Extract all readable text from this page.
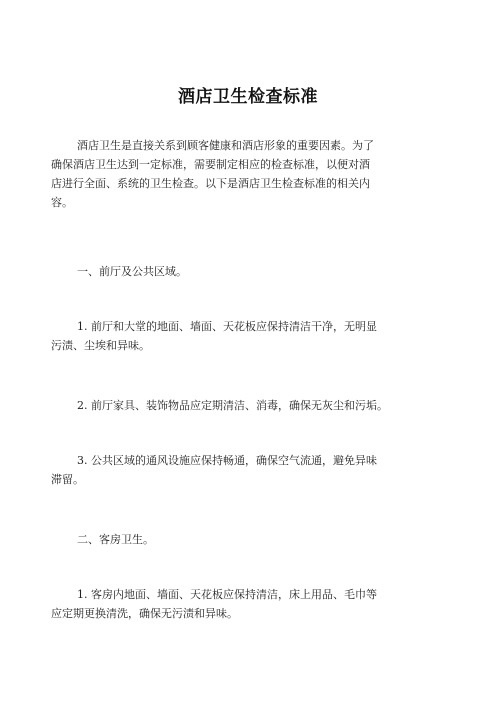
酒店卫生检查标准

酒店卫生是直接关系到顾客健康和酒店形象的重要因素。为了
确保酒店卫生达到一定标准，需要制定相应的检查标准，以便对酒
店进行全面、系统的卫生检查。以下是酒店卫生检查标准的相关内
容。

一、前厅及公共区域。

1. 前厅和大堂的地面、墙面、天花板应保持清洁干净，无明显
污渍、尘埃和异味。

2. 前厅家具、装饰物品应定期清洁、消毒，确保无灰尘和污垢。

3. 公共区域的通风设施应保持畅通，确保空气流通，避免异味
滞留。

二、客房卫生。

1. 客房内地面、墙面、天花板应保持清洁，床上用品、毛巾等
应定期更换清洗，确保无污渍和异味。
